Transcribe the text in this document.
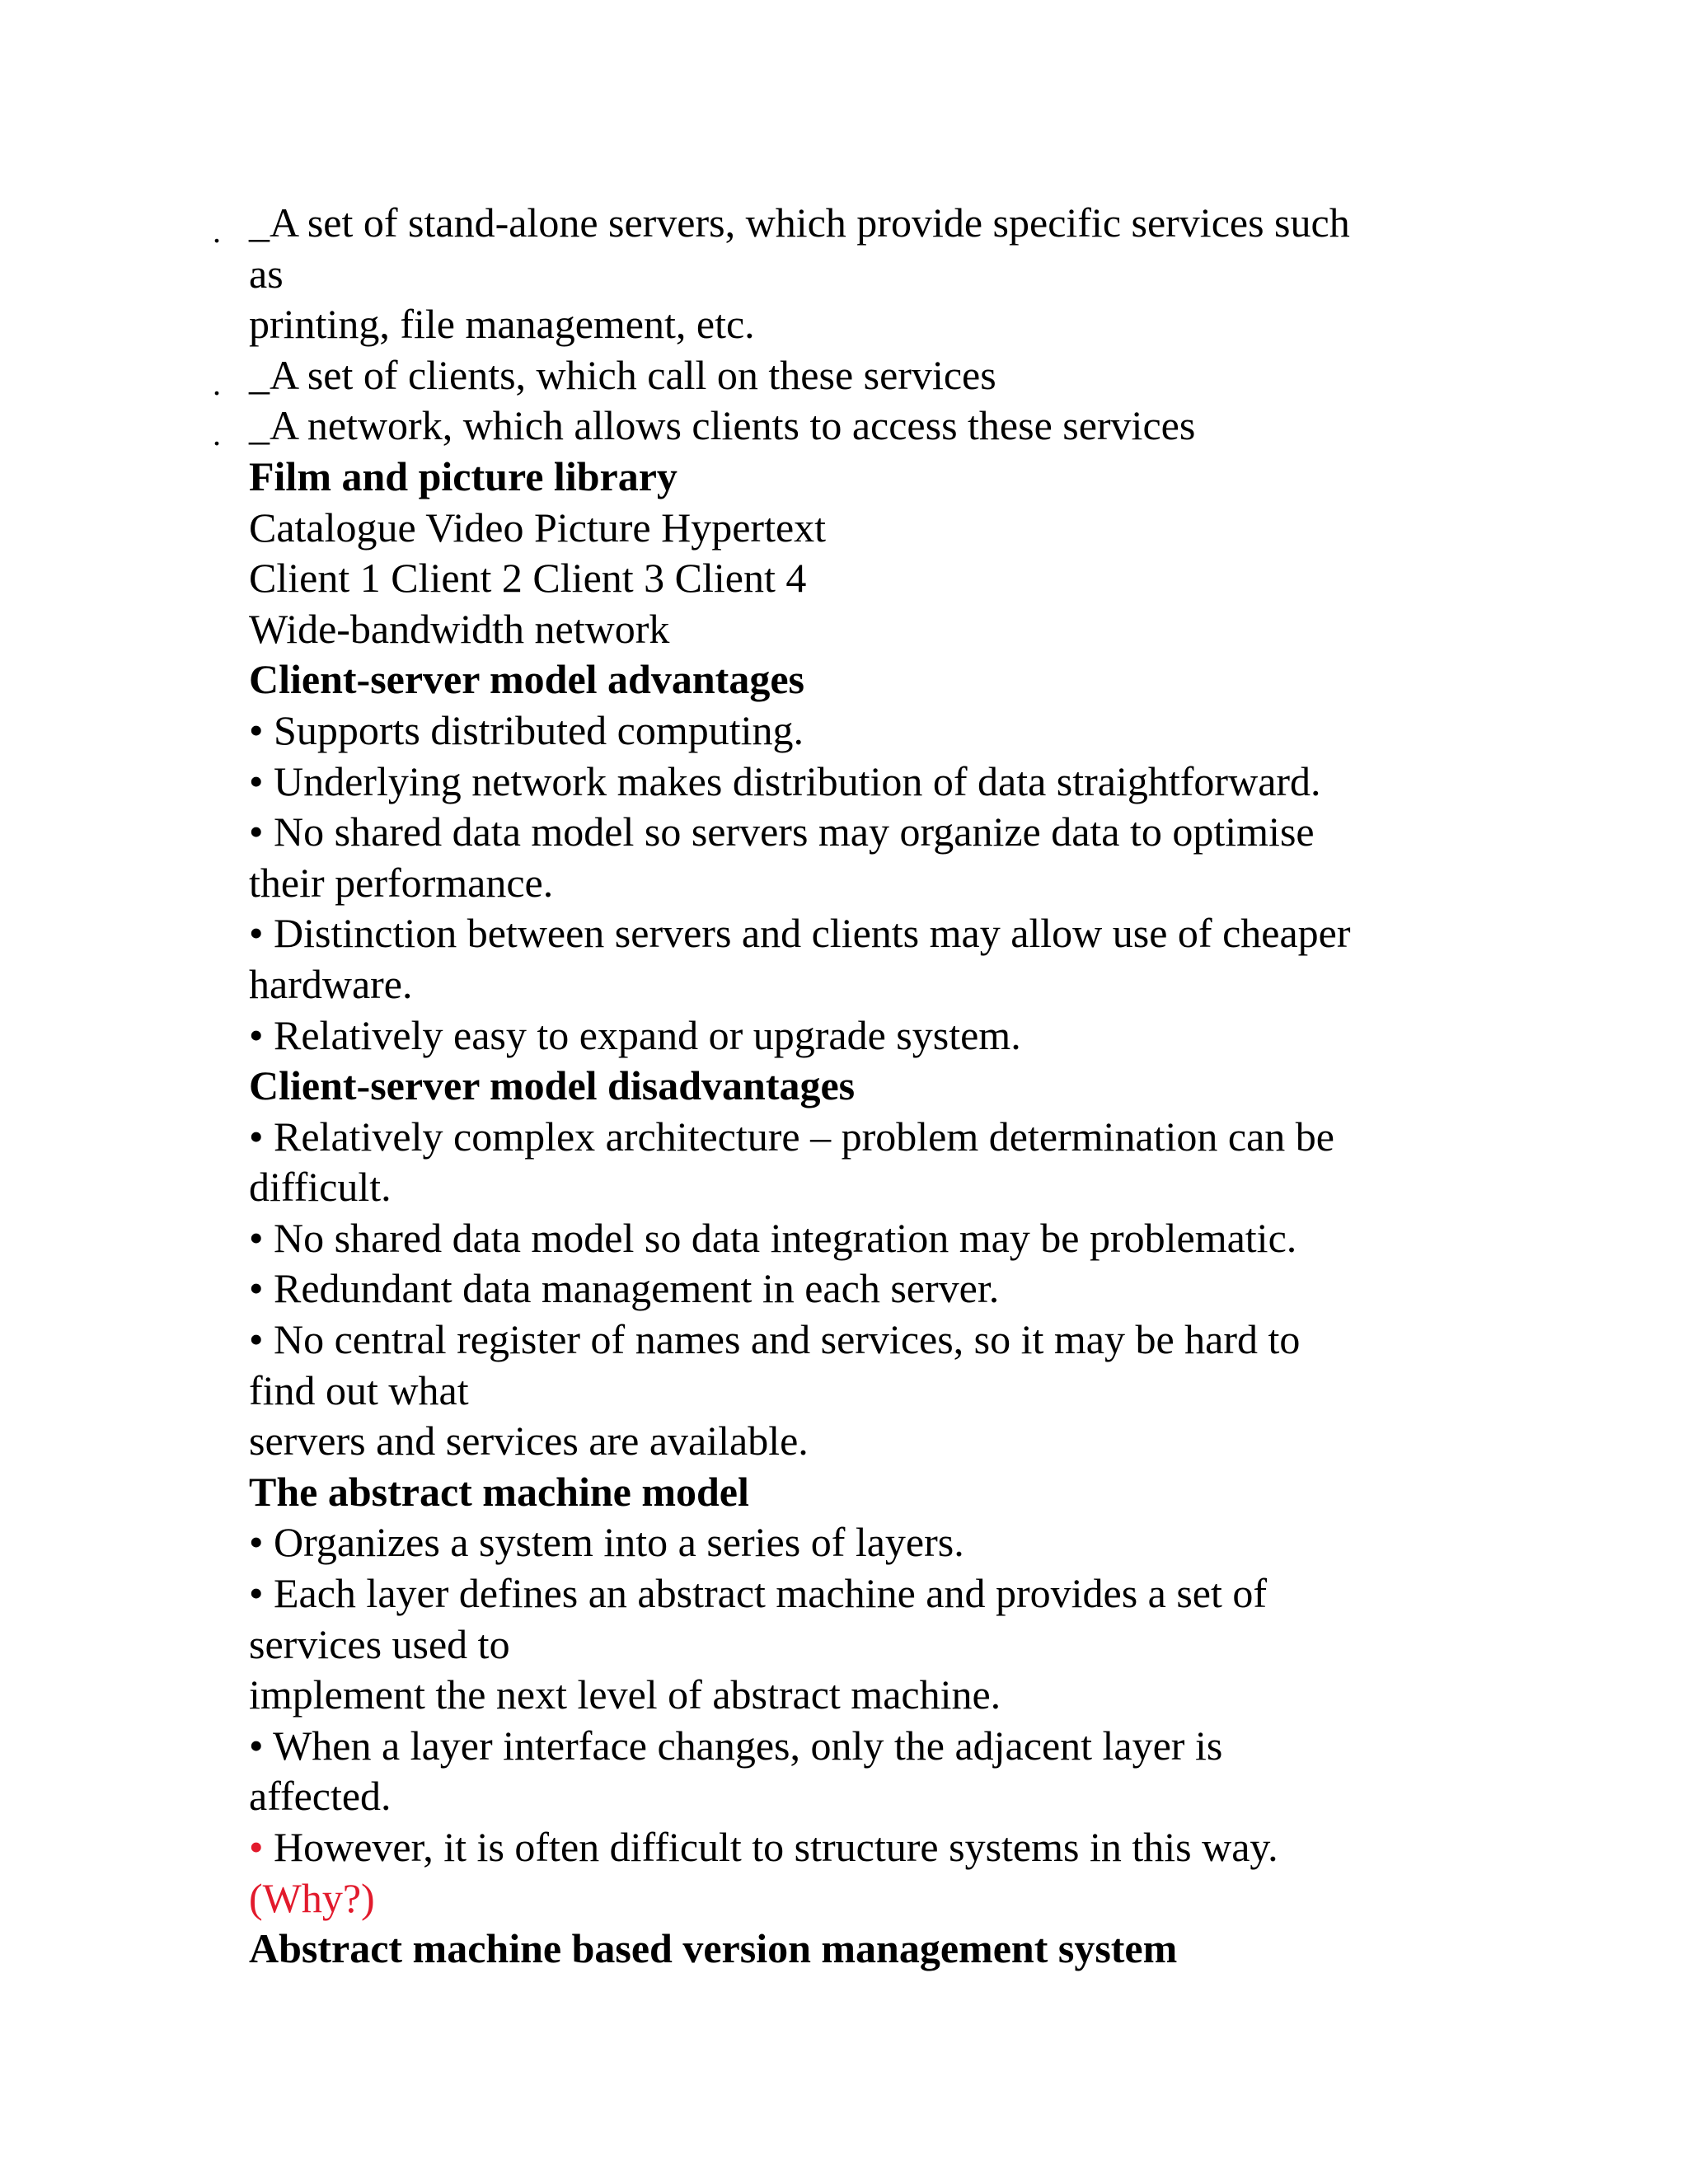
. _A set of stand-alone servers, which provide specific services such
as
printing, file management, etc.
. _A set of clients, which call on these services
. _A network, which allows clients to access these services
Film and picture library
Catalogue Video Picture Hypertext
Client 1 Client 2 Client 3 Client 4
Wide-bandwidth network
Client-server model advantages
• Supports distributed computing.
• Underlying network makes distribution of data straightforward.
• No shared data model so servers may organize data to optimise
their performance.
• Distinction between servers and clients may allow use of cheaper
hardware.
• Relatively easy to expand or upgrade system.
Client-server model disadvantages
• Relatively complex architecture – problem determination can be
difficult.
• No shared data model so data integration may be problematic.
• Redundant data management in each server.
• No central register of names and services, so it may be hard to
find out what
servers and services are available.
The abstract machine model
• Organizes a system into a series of layers.
• Each layer defines an abstract machine and provides a set of
services used to
implement the next level of abstract machine.
• When a layer interface changes, only the adjacent layer is
affected.
• However, it is often difficult to structure systems in this way.
(Why?)
Abstract machine based version management system
